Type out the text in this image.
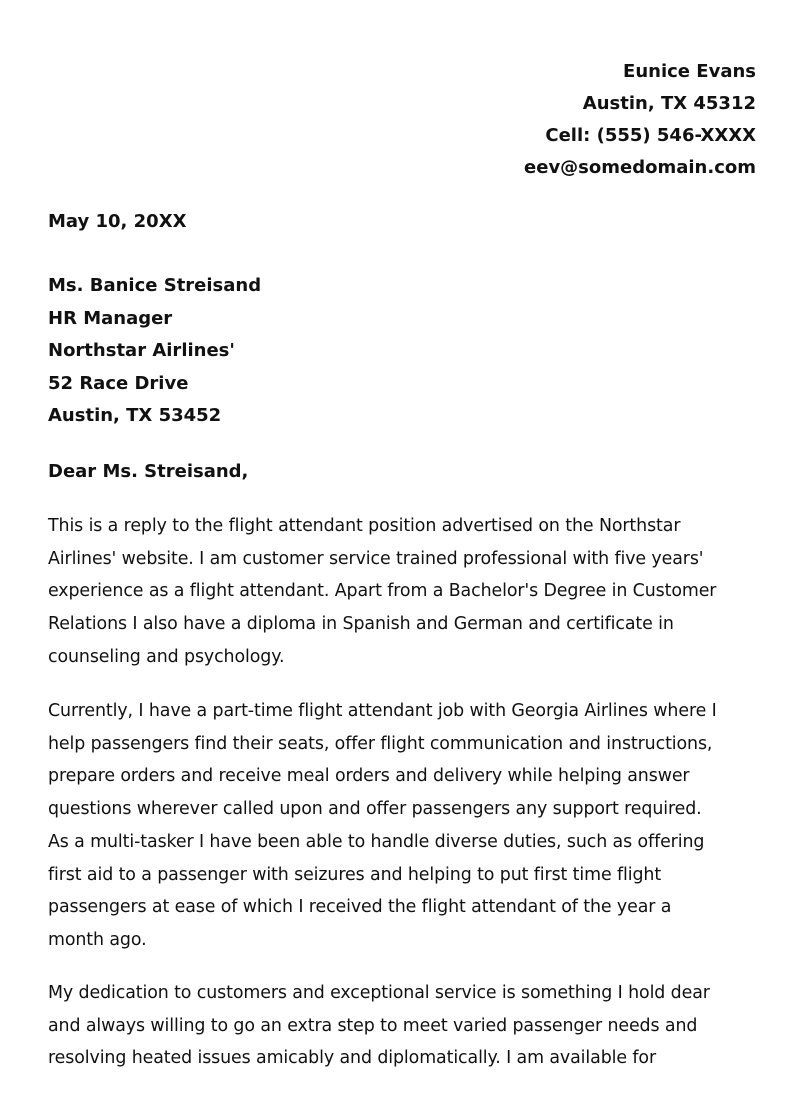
Eunice Evans
Austin, TX 45312
Cell: (555) 546-XXXX
eev@somedomain.com
May 10, 20XX
Ms. Banice Streisand
HR Manager
Northstar Airlines'
52 Race Drive
Austin, TX 53452
Dear Ms. Streisand,
This is a reply to the flight attendant position advertised on the Northstar
Airlines' website. I am customer service trained professional with five years'
experience as a flight attendant. Apart from a Bachelor's Degree in Customer
Relations I also have a diploma in Spanish and German and certificate in
counseling and psychology.
Currently, I have a part-time flight attendant job with Georgia Airlines where I
help passengers find their seats, offer flight communication and instructions,
prepare orders and receive meal orders and delivery while helping answer
questions wherever called upon and offer passengers any support required.
As a multi-tasker I have been able to handle diverse duties, such as offering
first aid to a passenger with seizures and helping to put first time flight
passengers at ease of which I received the flight attendant of the year a
month ago.
My dedication to customers and exceptional service is something I hold dear
and always willing to go an extra step to meet varied passenger needs and
resolving heated issues amicably and diplomatically. I am available for
